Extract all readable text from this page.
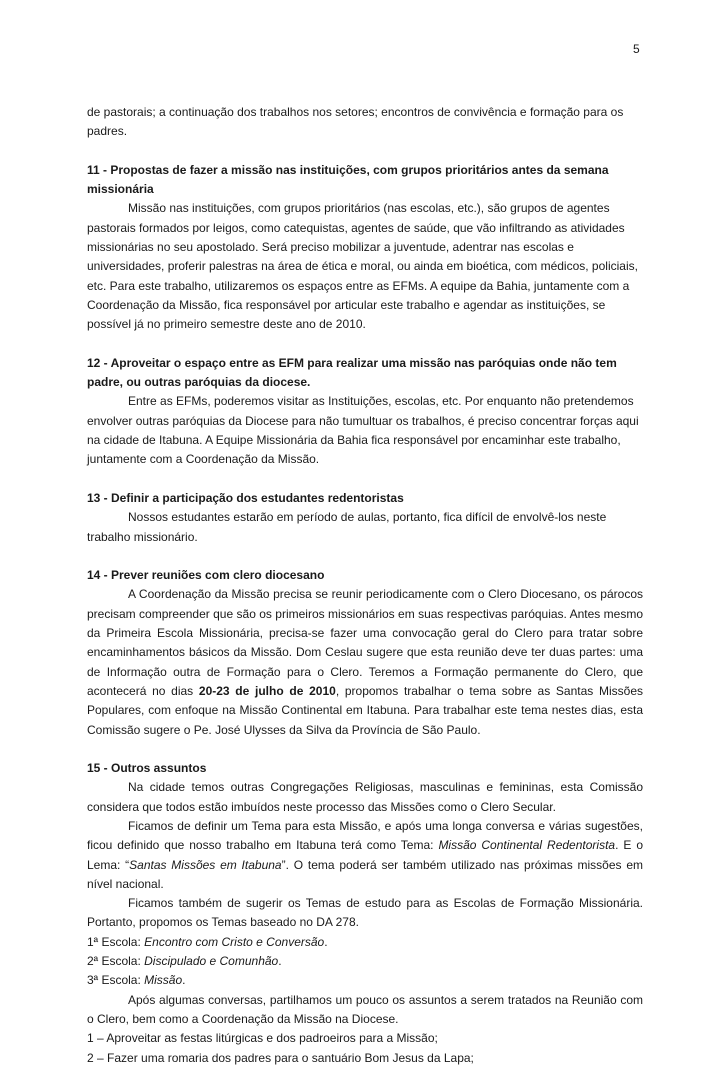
5

de pastorais; a continuação dos trabalhos nos setores; encontros de convivência e formação para os padres.

11 - Propostas de fazer a missão nas instituições, com grupos prioritários antes da semana missionária

Missão nas instituições, com grupos prioritários (nas escolas, etc.), são grupos de agentes pastorais formados por leigos, como catequistas, agentes de saúde, que vão infiltrando as atividades missionárias no seu apostolado. Será preciso mobilizar a juventude, adentrar nas escolas e universidades, proferir palestras na área de ética e moral, ou ainda em bioética, com médicos, policiais, etc. Para este trabalho, utilizaremos os espaços entre as EFMs. A equipe da Bahia, juntamente com a Coordenação da Missão, fica responsável por articular este trabalho e agendar as instituições, se possível já no primeiro semestre deste ano de 2010.

12 - Aproveitar o espaço entre as EFM para realizar uma missão nas paróquias onde não tem padre, ou outras paróquias da diocese.

Entre as EFMs, poderemos visitar as Instituições, escolas, etc. Por enquanto não pretendemos envolver outras paróquias da Diocese para não tumultuar os trabalhos, é preciso concentrar forças aqui na cidade de Itabuna. A Equipe Missionária da Bahia fica responsável por encaminhar este trabalho, juntamente com a Coordenação da Missão.

13 - Definir a participação dos estudantes redentoristas

Nossos estudantes estarão em período de aulas, portanto, fica difícil de envolvê-los neste trabalho missionário.

14 - Prever reuniões com clero diocesano

A Coordenação da Missão precisa se reunir periodicamente com o Clero Diocesano, os párocos precisam compreender que são os primeiros missionários em suas respectivas paróquias. Antes mesmo da Primeira Escola Missionária, precisa-se fazer uma convocação geral do Clero para tratar sobre encaminhamentos básicos da Missão. Dom Ceslau sugere que esta reunião deve ter duas partes: uma de Informação outra de Formação para o Clero. Teremos a Formação permanente do Clero, que acontecerá no dias 20-23 de julho de 2010, propomos trabalhar o tema sobre as Santas Missões Populares, com enfoque na Missão Continental em Itabuna. Para trabalhar este tema nestes dias, esta Comissão sugere o Pe. José Ulysses da Silva da Província de São Paulo.

15 - Outros assuntos

Na cidade temos outras Congregações Religiosas, masculinas e femininas, esta Comissão considera que todos estão imbuídos neste processo das Missões como o Clero Secular.

Ficamos de definir um Tema para esta Missão, e após uma longa conversa e várias sugestões, ficou definido que nosso trabalho em Itabuna terá como Tema: Missão Continental Redentorista. E o Lema: “Santas Missões em Itabuna”. O tema poderá ser também utilizado nas próximas missões em nível nacional.

Ficamos também de sugerir os Temas de estudo para as Escolas de Formação Missionária. Portanto, propomos os Temas baseado no DA 278.

1ª Escola: Encontro com Cristo e Conversão.

2ª Escola: Discipulado e Comunhão.

3ª Escola: Missão.

Após algumas conversas, partilhamos um pouco os assuntos a serem tratados na Reunião com o Clero, bem como a Coordenação da Missão na Diocese.

1 – Aproveitar as festas litúrgicas e dos padroeiros para a Missão;

2 – Fazer uma romaria dos padres para o santuário Bom Jesus da Lapa;
